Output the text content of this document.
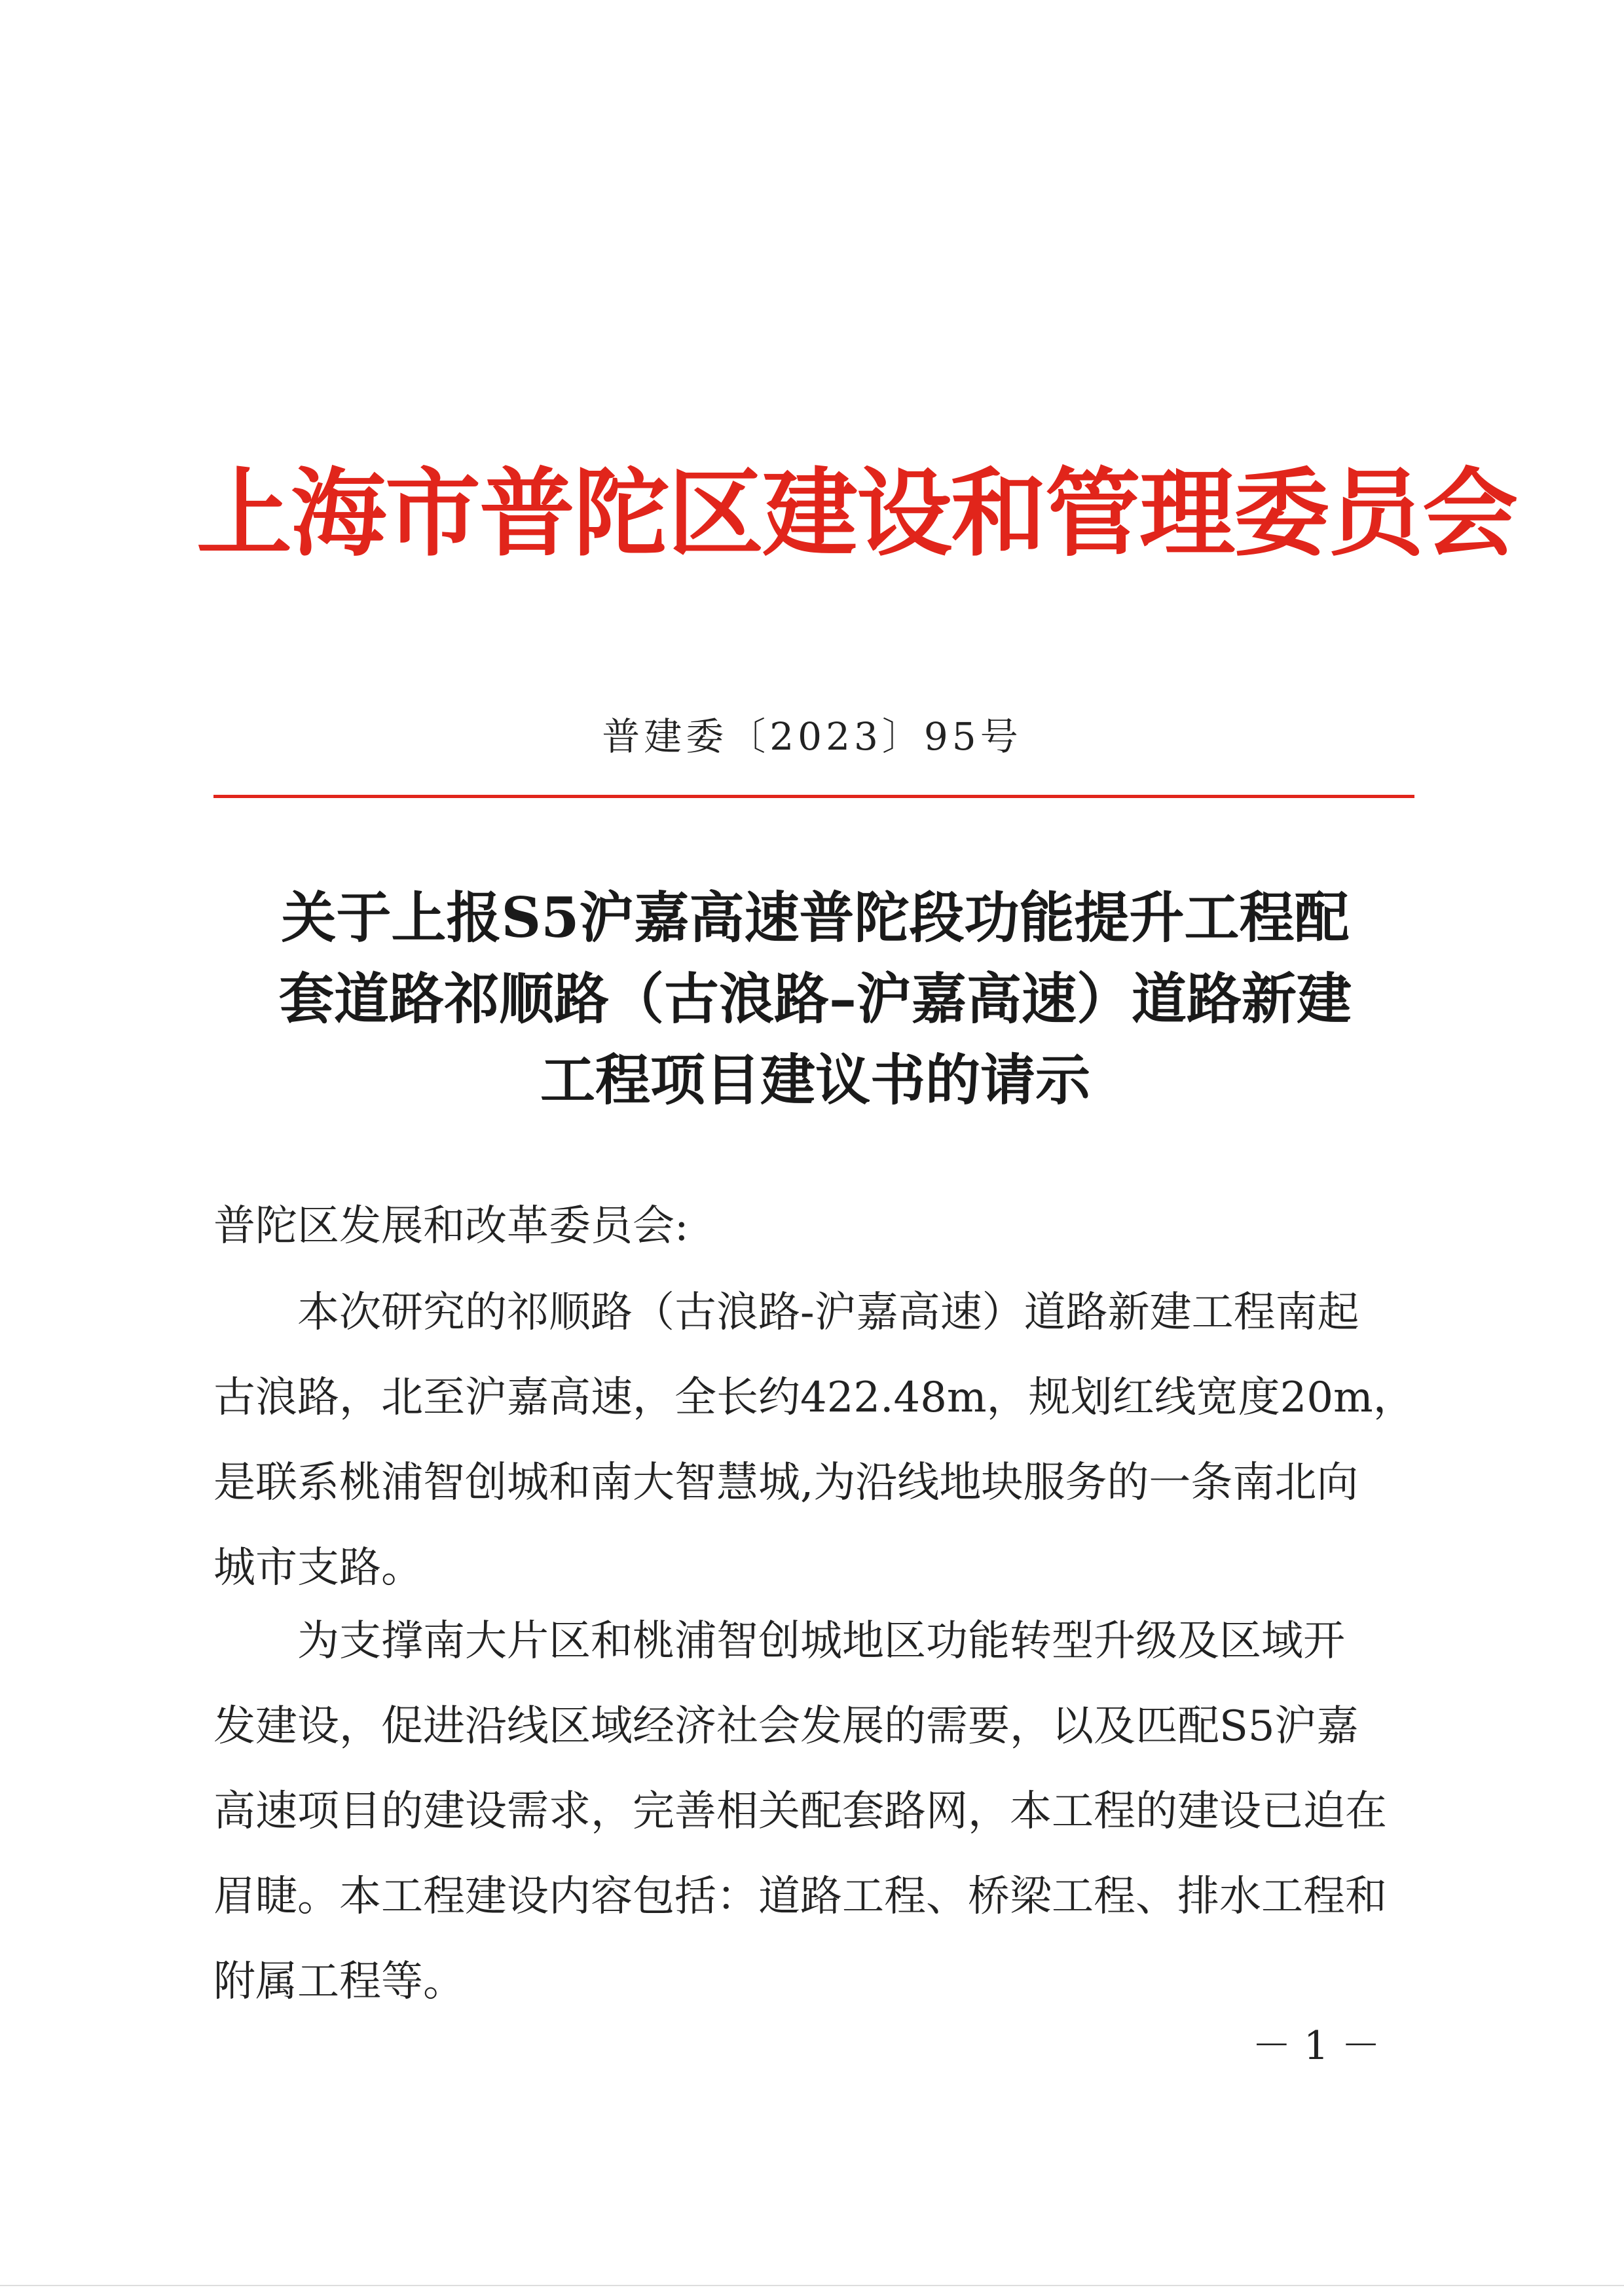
上海市普陀区建设和管理委员会
普建委〔2023〕95号
关于上报S5沪嘉高速普陀段功能提升工程配
套道路祁顺路（古浪路–沪嘉高速）道路新建
工程项目建议书的请示
普陀区发展和改革委员会:
　　本次研究的祁顺路（古浪路-沪嘉高速）道路新建工程南起
古浪路，北至沪嘉高速，全长约422.48m，规划红线宽度20m，
是联系桃浦智创城和南大智慧城,为沿线地块服务的一条南北向
城市支路。
　　为支撑南大片区和桃浦智创城地区功能转型升级及区域开
发建设，促进沿线区域经济社会发展的需要，以及匹配S5沪嘉
高速项目的建设需求，完善相关配套路网，本工程的建设已迫在
眉睫。本工程建设内容包括：道路工程、桥梁工程、排水工程和
附属工程等。
－ 1 －
